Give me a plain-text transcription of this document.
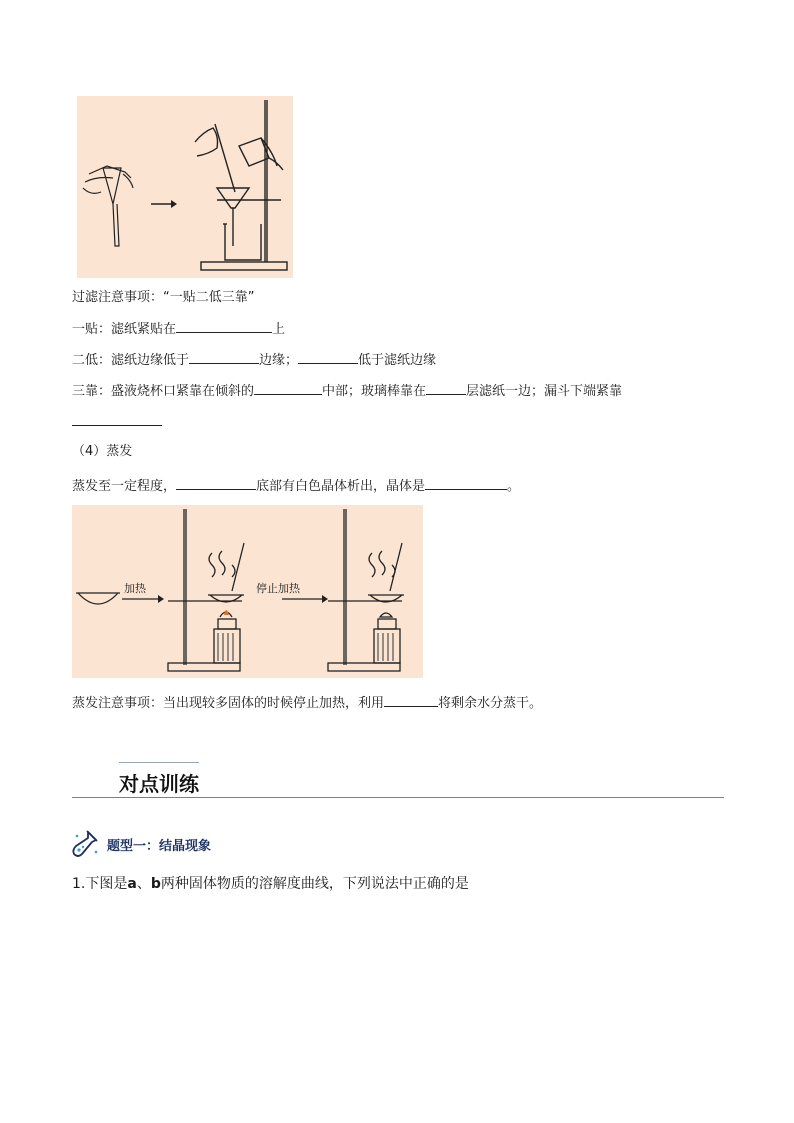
过滤注意事项：“一贴二低三靠”
一贴：滤纸紧贴在	上
二低：滤纸边缘低于	边缘；	低于滤纸边缘
三靠：盛液烧杯口紧靠在倾斜的	中部；玻璃棒靠在	层滤纸一边；漏斗下端紧靠
（4）蒸发
蒸发至一定程度，	底部有白色晶体析出，晶体是	。
加热	停止加热
蒸发注意事项：当出现较多固体的时候停止加热，利用	将剩余水分蒸干。
对点训练
题型一：结晶现象
1.下图是a、b两种固体物质的溶解度曲线，下列说法中正确的是
